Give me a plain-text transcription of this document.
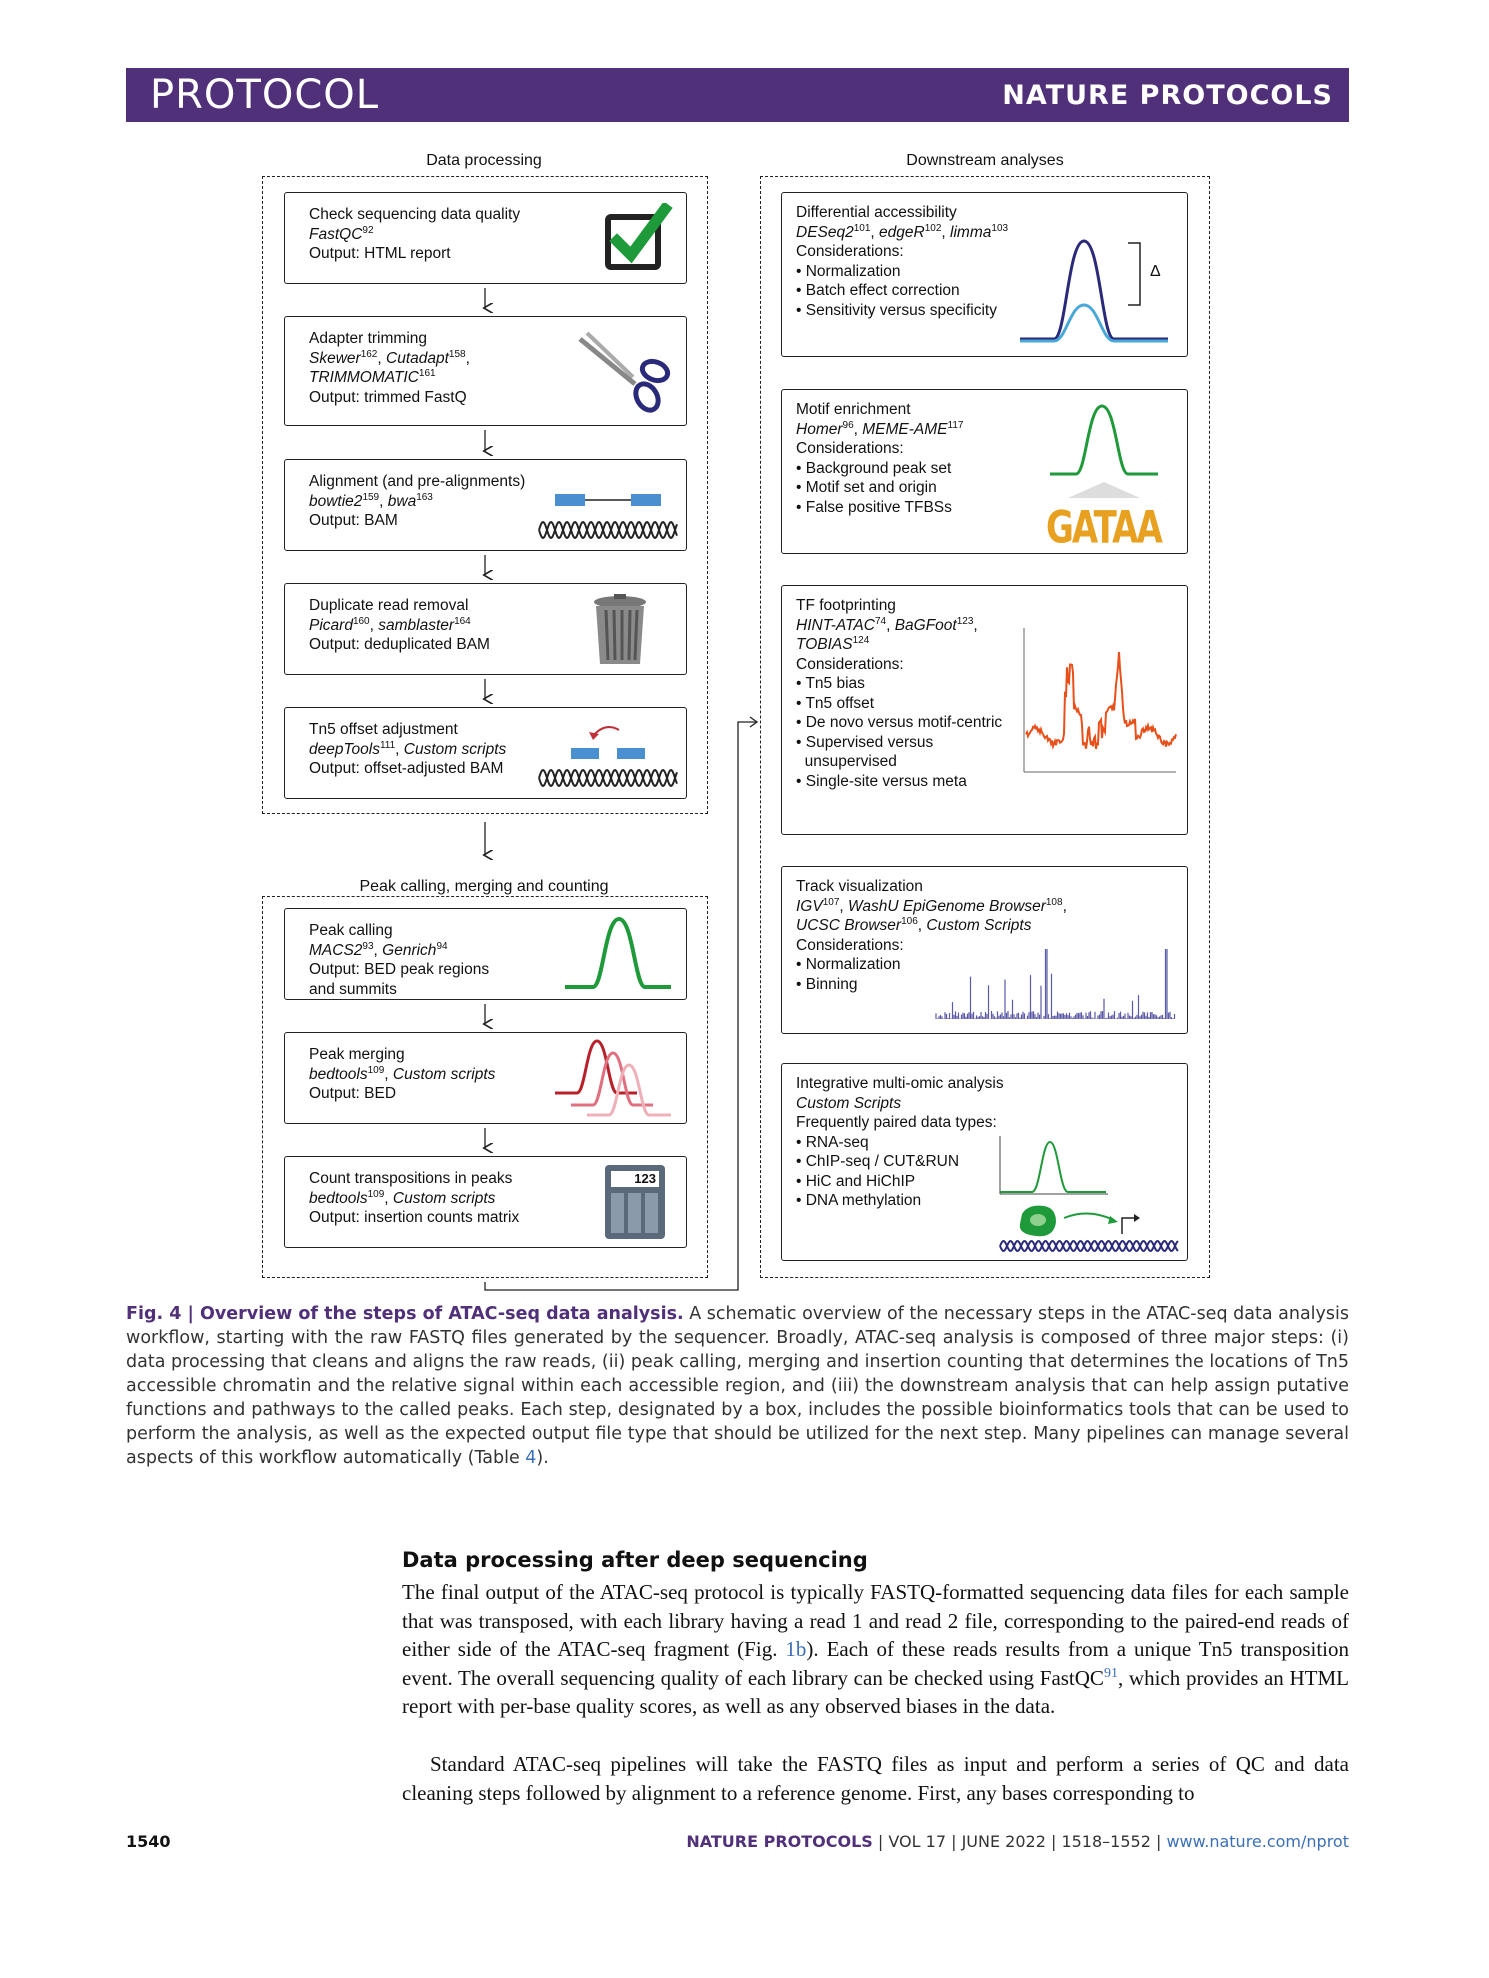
PROTOCOL	NATURE PROTOCOLS
Data processing	Downstream analyses
Peak calling, merging and counting
Check sequencing data quality
FastQC$^{92}$
Output: HTML report
Adapter trimming
Skewer$^{162}$, Cutadapt$^{158}$,
TRIMMOMATIC$^{161}$
Output: trimmed FastQ
Alignment (and pre-alignments)
$bowtie2^{159}$, bwa$^{163}$
Output: BAM
Duplicate read removal
Picard$^{160}$, samblaster$^{164}$
Output: deduplicated BAM
Tn5 offset adjustment
deepTools$^{111}$, Custom scripts
Output: offset-adjusted BAM
Peak calling
$MACS2^{93}$, Genrich$^{94}$
Output: BED peak regions
and summits
Peak merging
bedtools$^{109}$, Custom scripts
Output: BED
Count transpositions in peaks
bedtools$^{109}$, Custom scripts
Output: insertion counts matrix
123
Differential accessibility
$DESeq2^{101}$, edgeR$^{102}$, limma$^{103}$
Considerations:
• Normalization
• Batch effect correction
• Sensitivity versus specificity
Δ
Motif enrichment
Homer$^{96}$, MEME-AME$^{117}$
Considerations:
• Background peak set
• Motif set and origin
• False positive TFBSs	GATAA
TF footprinting
HINT-ATAC$^{74}$, BaGFoot$^{123}$,
TOBIAS$^{124}$
Considerations:
• Tn5 bias
• Tn5 offset
• De novo versus motif-centric
• Supervised versus
unsupervised
• Single-site versus meta
Track visualization
IGV$^{107}$, WashU EpiGenome Browser$^{108}$,
UCSC Browser$^{106}$, Custom Scripts
Considerations:
• Normalization
• Binning
Integrative multi-omic analysis
Custom Scripts
Frequently paired data types:
• RNA-seq
• ChIP-seq / CUT&RUN
• HiC and HiChIP
• DNA methylation
Fig. 4 | Overview of the steps of ATAC-seq data analysis. A schematic overview of the necessary steps in the ATAC-seq data analysis workflow, starting with the raw FASTQ files generated by the sequencer. Broadly, ATAC-seq analysis is composed of three major steps: (i) data processing that cleans and aligns the raw reads, (ii) peak calling, merging and insertion counting that determines the locations of Tn5 accessible chromatin and the relative signal within each accessible region, and (iii) the downstream analysis that can help assign putative functions and pathways to the called peaks. Each step, designated by a box, includes the possible bioinformatics tools that can be used to perform the analysis, as well as the expected output file type that should be utilized for the next step. Many pipelines can manage several aspects of this workflow automatically (Table 4).
Data processing after deep sequencing
The final output of the ATAC-seq protocol is typically FASTQ-formatted sequencing data files for each sample that was transposed, with each library having a read 1 and read 2 file, corresponding to the paired-end reads of either side of the ATAC-seq fragment (Fig. 1b). Each of these reads results from a unique Tn5 transposition event. The overall sequencing quality of each library can be checked using FastQC$^{91}$, which provides an HTML report with per-base quality scores, as well as any observed biases in the data.
Standard ATAC-seq pipelines will take the FASTQ files as input and perform a series of QC and data cleaning steps followed by alignment to a reference genome. First, any bases corresponding to
1540	NATURE PROTOCOLS | VOL 17 | JUNE 2022 | 1518–1552 | www.nature.com/nprot
